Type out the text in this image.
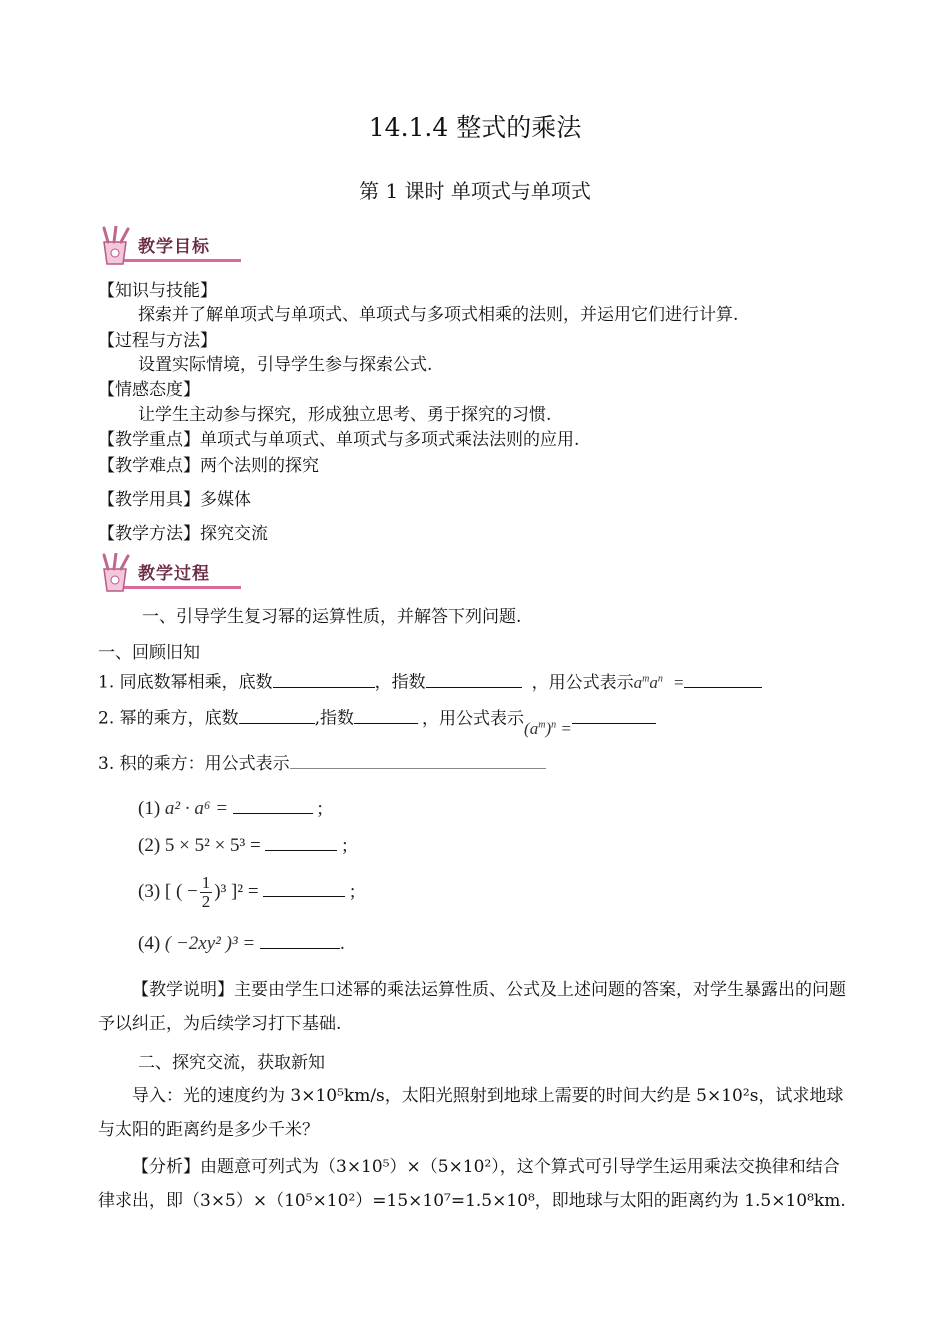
14.1.4 整式的乘法
第 1 课时 单项式与单项式
教学目标
【知识与技能】
探索并了解单项式与单项式、单项式与多项式相乘的法则，并运用它们进行计算.
【过程与方法】
设置实际情境，引导学生参与探索公式.
【情感态度】
让学生主动参与探究，形成独立思考、勇于探究的习惯.
【教学重点】单项式与单项式、单项式与多项式乘法法则的应用.
【教学难点】两个法则的探究
【教学用具】多媒体
【教学方法】探究交流
教学过程
一、引导学生复习幂的运算性质，并解答下列问题.
一、回顾旧知
1. 同底数幂相乘，底数	，指数	，用公式表示$a^ma^n$ =
2. 幂的乘方，底数	,指数	，用公式表示$(a^m)^n$ =
3. 积的乘方：用公式表示
(1) a² · a⁶ =	;
(2) 5 × 5² × 5³ =	;
(3) [ ( − $\frac{1}{2} )^3$ ]² =	;
(4) ( −2xy² )³ =	.
【教学说明】主要由学生口述幂的乘法运算性质、公式及上述问题的答案，对学生暴露出的问题予以纠正，为后续学习打下基础.
二、探究交流，获取新知
导入：光的速度约为 3×10⁵km/s，太阳光照射到地球上需要的时间大约是 5×10²s，试求地球与太阳的距离约是多少千米？
【分析】由题意可列式为（3×10⁵）×（5×10²），这个算式可引导学生运用乘法交换律和结合律求出，即（3×5）×（10⁵×10²）=15×10⁷=1.5×10⁸，即地球与太阳的距离约为 1.5×10⁸km.
